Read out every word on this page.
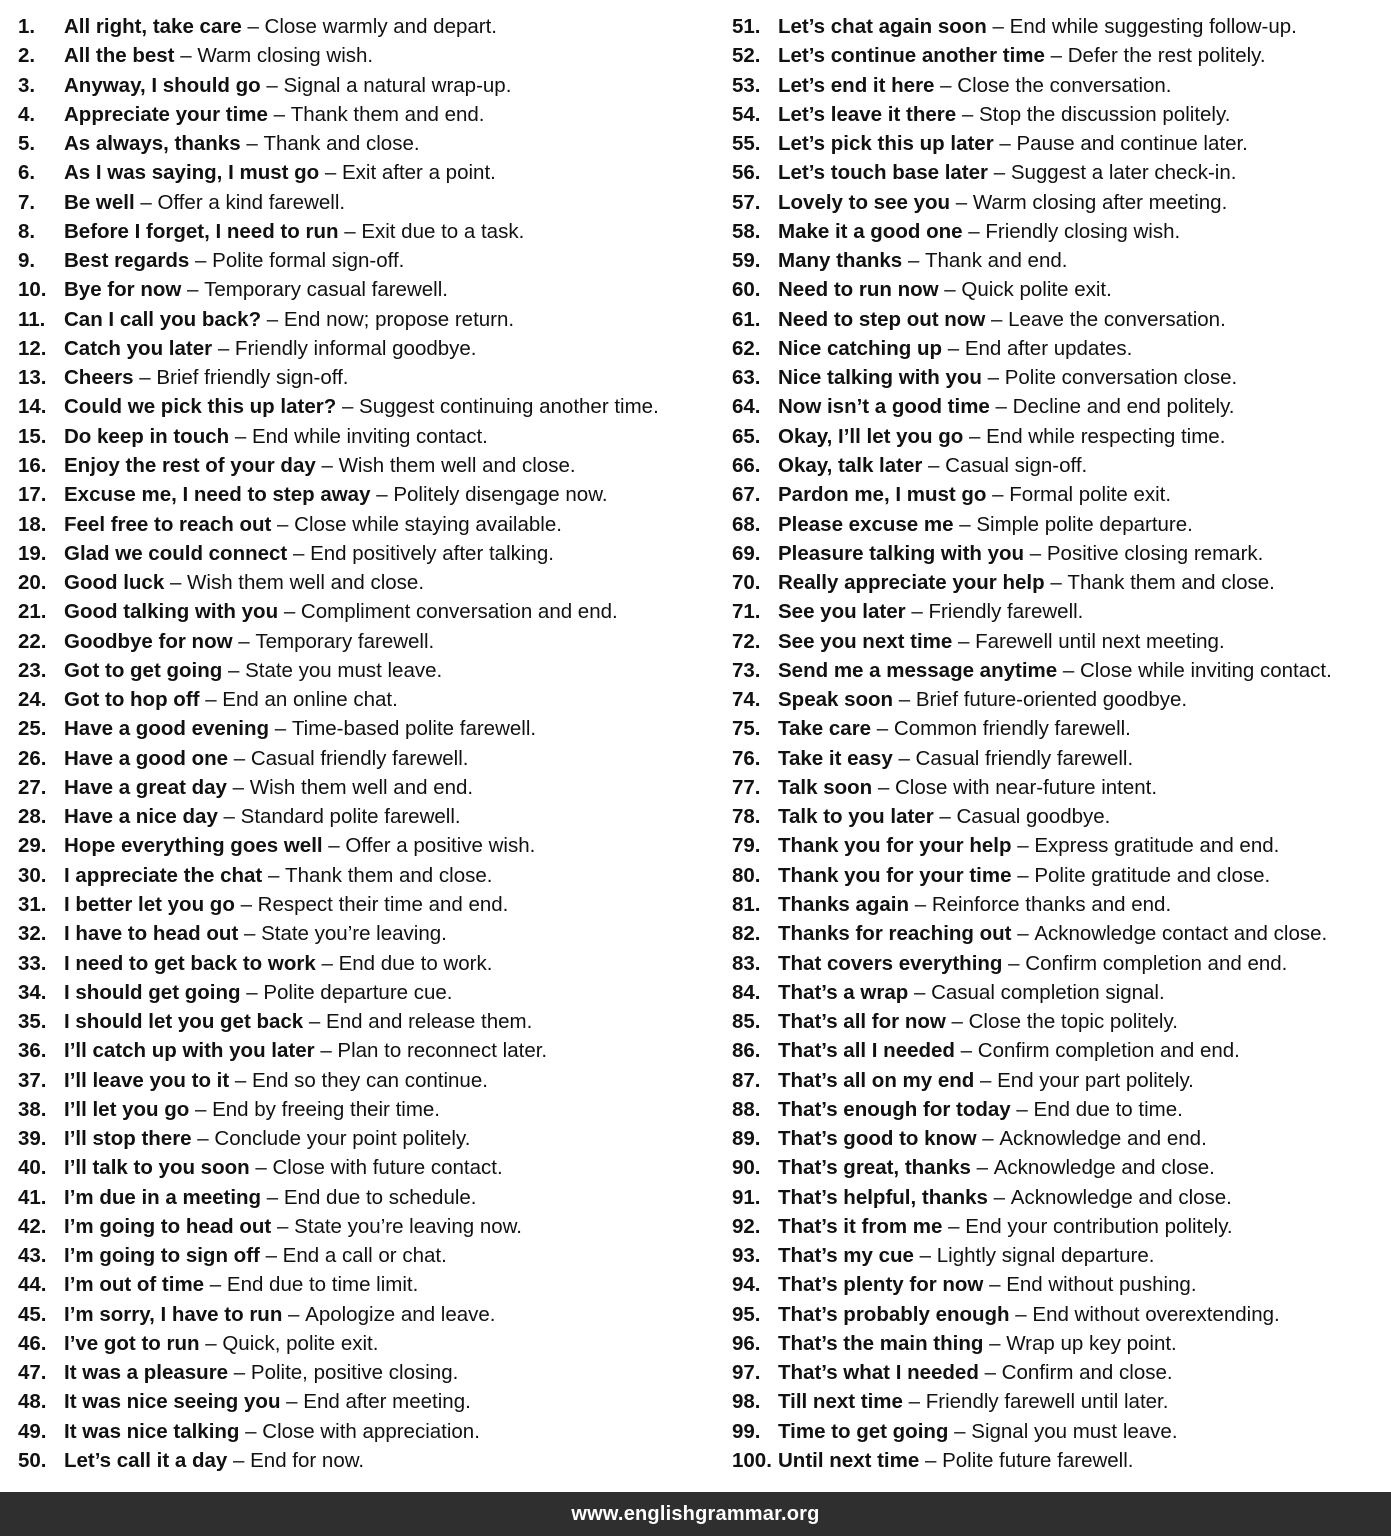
1.	All right, take care
–
Close warmly and depart.
2.	All the best
–
Warm closing wish.
3.	Anyway, I should go
–
Signal a natural wrap-up.
4.	Appreciate your time
–
Thank them and end.
5.	As always, thanks
–
Thank and close.
6.	As I was saying, I must go
–
Exit after a point.
7.	Be well
–
Offer a kind farewell.
8.	Before I forget, I need to run
–
Exit due to a task.
9.	Best regards
–
Polite formal sign-off.
10. Bye for now
–
Temporary casual farewell.
11. Can I call you back?
–
End now; propose return.
12. Catch you later
–
Friendly informal goodbye.
13. Cheers
–
Brief friendly sign-off.
14. Could we pick this up later?
–
Suggest continuing another time.
15. Do keep in touch
–
End while inviting contact.
16. Enjoy the rest of your day
–
Wish them well and close.
17. Excuse me, I need to step away
–
Politely disengage now.
18. Feel free to reach out
–
Close while staying available.
19. Glad we could connect
–
End positively after talking.
20. Good luck
–
Wish them well and close.
21. Good talking with you
–
Compliment conversation and end.
22. Goodbye for now
–
Temporary farewell.
23. Got to get going
–
State you must leave.
24. Got to hop off
–
End an online chat.
25. Have a good evening
–
Time-based polite farewell.
26. Have a good one
–
Casual friendly farewell.
27. Have a great day
–
Wish them well and end.
28. Have a nice day
–
Standard polite farewell.
29. Hope everything goes well
–
Offer a positive wish.
30. I appreciate the chat
–
Thank them and close.
31. I better let you go
–
Respect their time and end.
32. I have to head out
–
State you’re leaving.
33. I need to get back to work
–
End due to work.
34. I should get going
–
Polite departure cue.
35. I should let you get back
–
End and release them.
36. I’ll catch up with you later
–
Plan to reconnect later.
37. I’ll leave you to it
–
End so they can continue.
38. I’ll let you go
–
End by freeing their time.
39. I’ll stop there
–
Conclude your point politely.
40. I’ll talk to you soon
–
Close with future contact.
41. I’m due in a meeting
–
End due to schedule.
42. I’m going to head out
–
State you’re leaving now.
43. I’m going to sign off
–
End a call or chat.
44. I’m out of time
–
End due to time limit.
45. I’m sorry, I have to run
–
Apologize and leave.
46. I’ve got to run
–
Quick, polite exit.
47. It was a pleasure
–
Polite, positive closing.
48. It was nice seeing you
–
End after meeting.
49. It was nice talking
–
Close with appreciation.
50. Let’s call it a day
–
End for now.
51. Let’s chat again soon
–
End while suggesting follow-up.
52. Let’s continue another time
–
Defer the rest politely.
53. Let’s end it here
–
Close the conversation.
54. Let’s leave it there
–
Stop the discussion politely.
55. Let’s pick this up later
–
Pause and continue later.
56. Let’s touch base later
–
Suggest a later check-in.
57. Lovely to see you
–
Warm closing after meeting.
58. Make it a good one
–
Friendly closing wish.
59. Many thanks
–
Thank and end.
60. Need to run now
–
Quick polite exit.
61. Need to step out now
–
Leave the conversation.
62. Nice catching up
–
End after updates.
63. Nice talking with you
–
Polite conversation close.
64. Now isn’t a good time
–
Decline and end politely.
65. Okay, I’ll let you go
–
End while respecting time.
66. Okay, talk later
–
Casual sign-off.
67. Pardon me, I must go
–
Formal polite exit.
68. Please excuse me
–
Simple polite departure.
69. Pleasure talking with you
–
Positive closing remark.
70. Really appreciate your help
–
Thank them and close.
71. See you later
–
Friendly farewell.
72. See you next time
–
Farewell until next meeting.
73. Send me a message anytime
–
Close while inviting contact.
74. Speak soon
–
Brief future-oriented goodbye.
75. Take care
–
Common friendly farewell.
76. Take it easy
–
Casual friendly farewell.
77. Talk soon
–
Close with near-future intent.
78. Talk to you later
–
Casual goodbye.
79. Thank you for your help
–
Express gratitude and end.
80. Thank you for your time
–
Polite gratitude and close.
81. Thanks again
–
Reinforce thanks and end.
82. Thanks for reaching out
–
Acknowledge contact and close.
83. That covers everything
–
Confirm completion and end.
84. That’s a wrap
–
Casual completion signal.
85. That’s all for now
–
Close the topic politely.
86. That’s all I needed
–
Confirm completion and end.
87. That’s all on my end
–
End your part politely.
88. That’s enough for today
–
End due to time.
89. That’s good to know
–
Acknowledge and end.
90. That’s great, thanks
–
Acknowledge and close.
91. That’s helpful, thanks
–
Acknowledge and close.
92. That’s it from me
–
End your contribution politely.
93. That’s my cue
–
Lightly signal departure.
94. That’s plenty for now
–
End without pushing.
95. That’s probably enough
–
End without overextending.
96. That’s the main thing
–
Wrap up key point.
97. That’s what I needed
–
Confirm and close.
98. Till next time
–
Friendly farewell until later.
99. Time to get going
–
Signal you must leave.
100. Until next time
–
Polite future farewell.
www.englishgrammar.org
